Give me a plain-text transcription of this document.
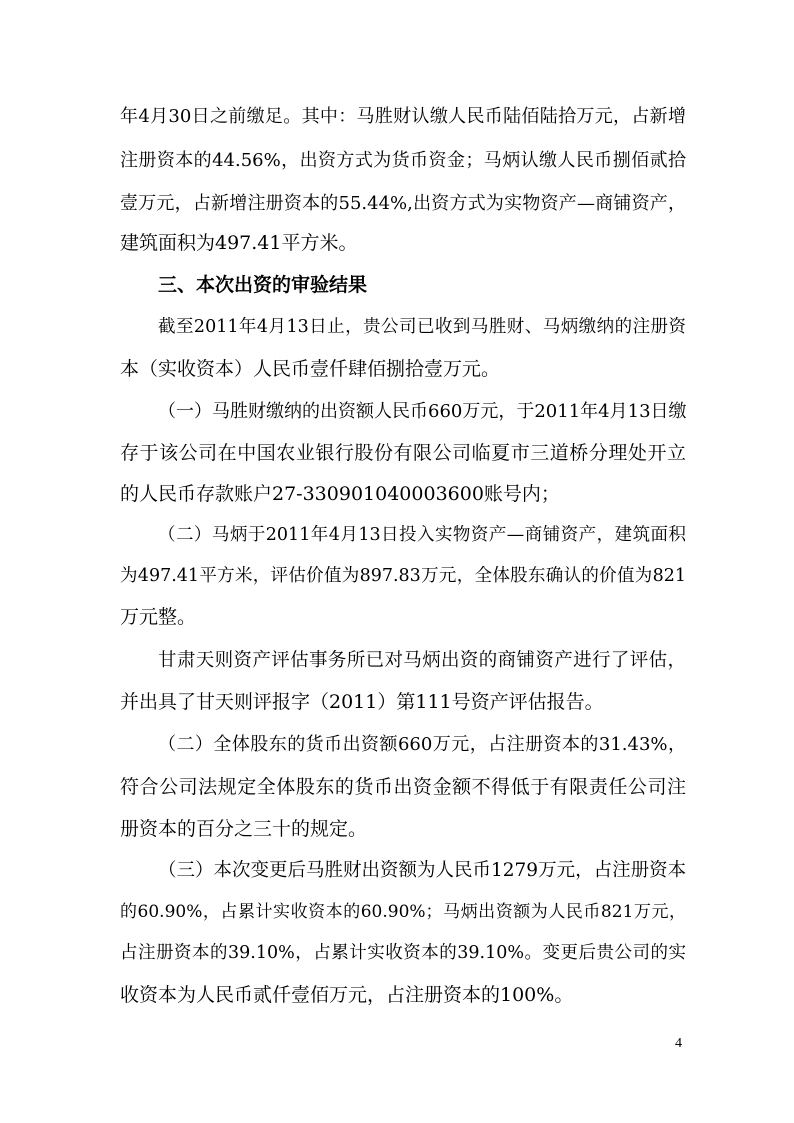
年4月30日之前缴足。其中：马胜财认缴人民币陆佰陆拾万元，占新增
注册资本的44.56%，出资方式为货币资金；马炳认缴人民币捌佰贰拾
壹万元，占新增注册资本的55.44%,出资方式为实物资产—商铺资产，
建筑面积为497.41平方米。
三、本次出资的审验结果
截至2011年4月13日止，贵公司已收到马胜财、马炳缴纳的注册资
本（实收资本）人民币壹仟肆佰捌拾壹万元。
（一）马胜财缴纳的出资额人民币660万元，于2011年4月13日缴
存于该公司在中国农业银行股份有限公司临夏市三道桥分理处开立
的人民币存款账户27-330901040003600账号内；
（二）马炳于2011年4月13日投入实物资产—商铺资产，建筑面积
为497.41平方米，评估价值为897.83万元，全体股东确认的价值为821
万元整。
甘肃天则资产评估事务所已对马炳出资的商铺资产进行了评估，
并出具了甘天则评报字（2011）第111号资产评估报告。
（二）全体股东的货币出资额660万元，占注册资本的31.43%，
符合公司法规定全体股东的货币出资金额不得低于有限责任公司注
册资本的百分之三十的规定。
（三）本次变更后马胜财出资额为人民币1279万元，占注册资本
的60.90%，占累计实收资本的60.90%；马炳出资额为人民币821万元，
占注册资本的39.10%，占累计实收资本的39.10%。变更后贵公司的实
收资本为人民币贰仟壹佰万元，占注册资本的100%。
4
